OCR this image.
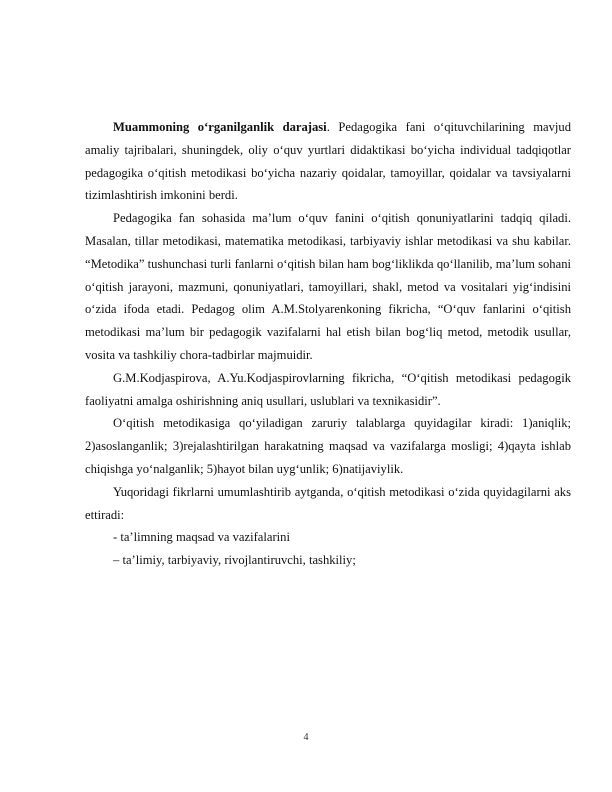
Muammoning o‘rganilganlik darajasi. Pedagogika fani o‘qituvchilarining mavjud amaliy tajribalari, shuningdek, oliy o‘quv yurtlari didaktikasi bo‘yicha individual tadqiqotlar pedagogika o‘qitish metodikasi bo‘yicha nazariy qoidalar, tamoyillar, qoidalar va tavsiyalarni tizimlashtirish imkonini berdi.

Pedagogika fan sohasida ma’lum o‘quv fanini o‘qitish qonuniyatlarini tadqiq qiladi. Masalan, tillar metodikasi, matematika metodikasi, tarbiyaviy ishlar metodikasi va shu kabilar. “Metodika” tushunchasi turli fanlarni o‘qitish bilan ham bog‘liklikda qo‘llanilib, ma’lum sohani o‘qitish jarayoni, mazmuni, qonuniyatlari, tamoyillari, shakl, metod va vositalari yig‘indisini o‘zida ifoda etadi. Pedagog olim A.M.Stolyarenkoning fikricha, “O‘quv fanlarini o‘qitish metodikasi ma’lum bir pedagogik vazifalarni hal etish bilan bog‘liq metod, metodik usullar, vosita va tashkiliy chora-tadbirlar majmuidir.

G.M.Kodjaspirova, A.Yu.Kodjaspirovlarning fikricha, “O‘qitish metodikasi pedagogik faoliyatni amalga oshirishning aniq usullari, uslublari va texnikasidir”.

O‘qitish metodikasiga qo‘yiladigan zaruriy talablarga quyidagilar kiradi: 1)aniqlik; 2)asoslanganlik; 3)rejalashtirilgan harakatning maqsad va vazifalarga mosligi; 4)qayta ishlab chiqishga yo‘nalganlik; 5)hayot bilan uyg‘unlik; 6)natijaviylik.

Yuqoridagi fikrlarni umumlashtirib aytganda, o‘qitish metodikasi o‘zida quyidagilarni aks ettiradi:

- ta’limning maqsad va vazifalarini

– ta’limiy, tarbiyaviy, rivojlantiruvchi, tashkiliy;

4
